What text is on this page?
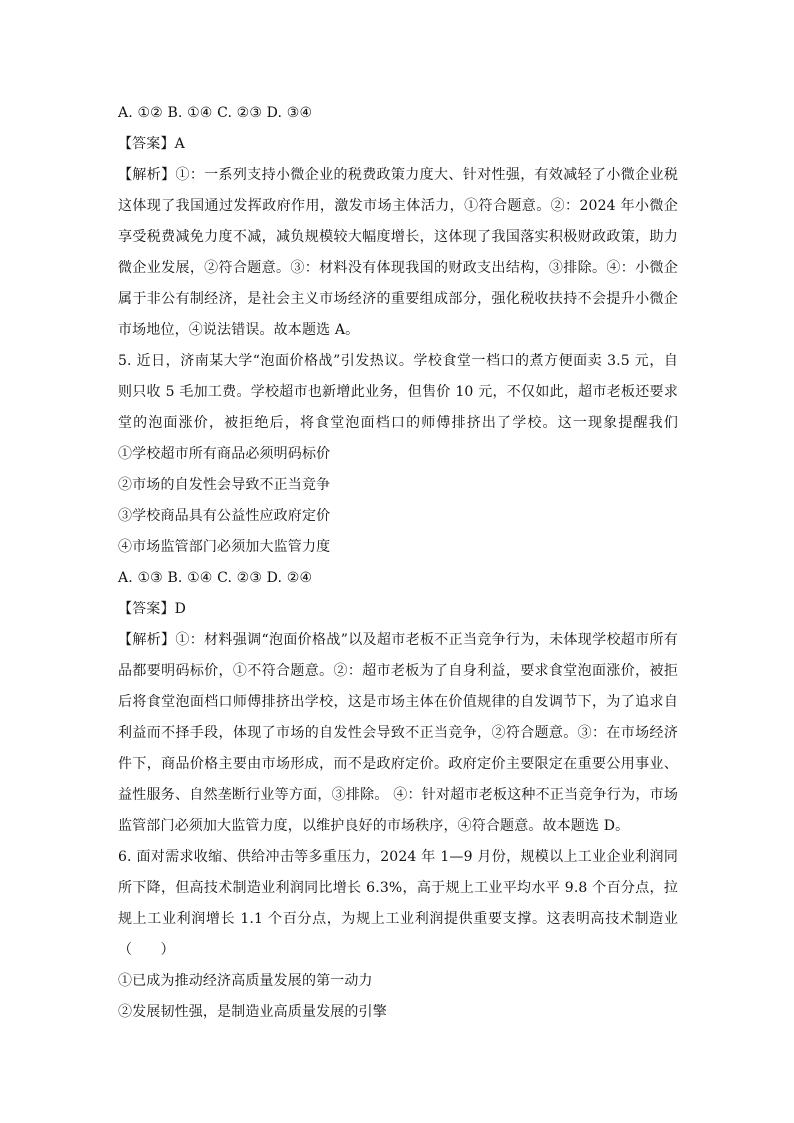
A. ①② B. ①④ C. ②③ D. ③④
【答案】A
【解析】①：一系列支持小微企业的税费政策力度大、针对性强，有效减轻了小微企业税
这体现了我国通过发挥政府作用，激发市场主体活力，①符合题意。②：2024 年小微企
享受税费减免力度不减，减负规模较大幅度增长，这体现了我国落实积极财政政策，助力
微企业发展，②符合题意。③：材料没有体现我国的财政支出结构，③排除。④：小微企
属于非公有制经济，是社会主义市场经济的重要组成部分，强化税收扶持不会提升小微企
市场地位，④说法错误。故本题选 A。
5. 近日，济南某大学“泡面价格战”引发热议。学校食堂一档口的煮方便面卖 3.5 元，自
则只收 5 毛加工费。学校超市也新增此业务，但售价 10 元，不仅如此，超市老板还要求
堂的泡面涨价，被拒绝后，将食堂泡面档口的师傅排挤出了学校。这一现象提醒我们　　
①学校超市所有商品必须明码标价
②市场的自发性会导致不正当竞争
③学校商品具有公益性应政府定价
④市场监管部门必须加大监管力度
A. ①③ B. ①④ C. ②③ D. ②④
【答案】D
【解析】①：材料强调“泡面价格战”以及超市老板不正当竞争行为，未体现学校超市所有
品都要明码标价，①不符合题意。②：超市老板为了自身利益，要求食堂泡面涨价，被拒
后将食堂泡面档口师傅排挤出学校，这是市场主体在价值规律的自发调节下，为了追求自
利益而不择手段，体现了市场的自发性会导致不正当竞争，②符合题意。③：在市场经济
件下，商品价格主要由市场形成，而不是政府定价。政府定价主要限定在重要公用事业、
益性服务、自然垄断行业等方面，③排除。 ④：针对超市老板这种不正当竞争行为，市场
监管部门必须加大监管力度，以维护良好的市场秩序，④符合题意。故本题选 D。
6. 面对需求收缩、供给冲击等多重压力，2024 年 1—9 月份，规模以上工业企业利润同
所下降，但高技术制造业利润同比增长 6.3%，高于规上工业平均水平 9.8 个百分点，拉
规上工业利润增长 1.1 个百分点，为规上工业利润提供重要支撑。这表明高技术制造业
（　　）
①已成为推动经济高质量发展的第一动力
②发展韧性强，是制造业高质量发展的引擎
